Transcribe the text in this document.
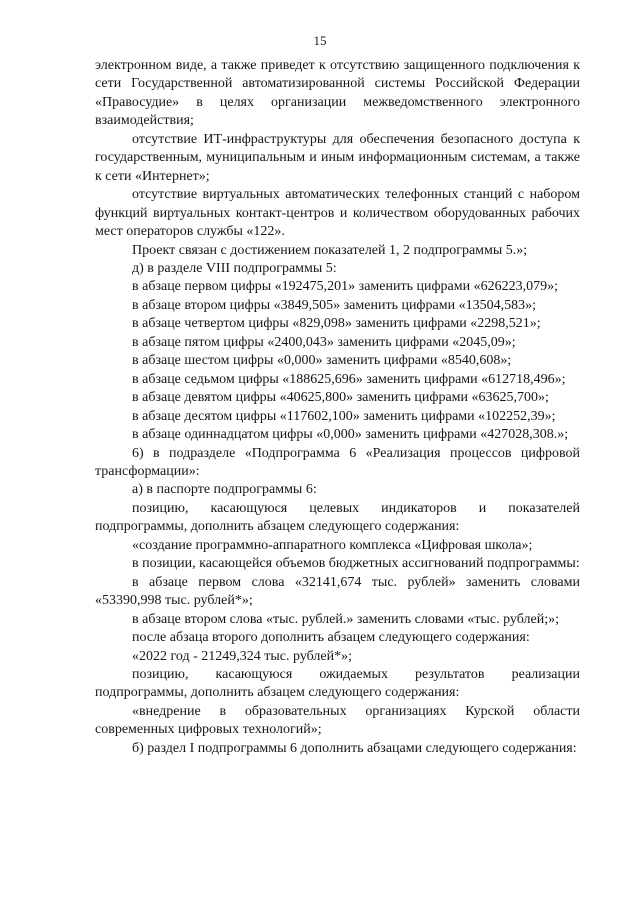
15

электронном виде, а также приведет к отсутствию защищенного подключения к сети Государственной автоматизированной системы Российской Федерации «Правосудие» в целях организации межведомственного электронного взаимодействия;

отсутствие ИТ-инфраструктуры для обеспечения безопасного доступа к государственным, муниципальным и иным информационным системам, а также к сети «Интернет»;

отсутствие виртуальных автоматических телефонных станций с набором функций виртуальных контакт-центров и количеством оборудованных рабочих мест операторов службы «122».

Проект связан с достижением показателей 1, 2 подпрограммы 5.»;

д) в разделе VIII подпрограммы 5:

в абзаце первом цифры «192475,201» заменить цифрами «626223,079»;

в абзаце втором цифры «3849,505» заменить цифрами «13504,583»;

в абзаце четвертом цифры «829,098» заменить цифрами «2298,521»;

в абзаце пятом цифры «2400,043» заменить цифрами «2045,09»;

в абзаце шестом цифры «0,000» заменить цифрами «8540,608»;

в абзаце седьмом цифры «188625,696» заменить цифрами «612718,496»;

в абзаце девятом цифры «40625,800» заменить цифрами «63625,700»;

в абзаце десятом цифры «117602,100» заменить цифрами «102252,39»;

в абзаце одиннадцатом цифры «0,000» заменить цифрами «427028,308.»;

6) в подразделе «Подпрограмма 6 «Реализация процессов цифровой трансформации»:

а) в паспорте подпрограммы 6:

позицию, касающуюся целевых индикаторов и показателей подпрограммы, дополнить абзацем следующего содержания:

«создание программно-аппаратного комплекса «Цифровая школа»;

в позиции, касающейся объемов бюджетных ассигнований подпрограммы:

в абзаце первом слова «32141,674 тыс. рублей» заменить словами «53390,998 тыс. рублей*»;

в абзаце втором слова «тыс. рублей.» заменить словами «тыс. рублей;»;

после абзаца второго дополнить абзацем следующего содержания:

«2022 год - 21249,324 тыс. рублей*»;

позицию, касающуюся ожидаемых результатов реализации подпрограммы, дополнить абзацем следующего содержания:

«внедрение в образовательных организациях Курской области современных цифровых технологий»;

б) раздел I подпрограммы 6 дополнить абзацами следующего содержания:
